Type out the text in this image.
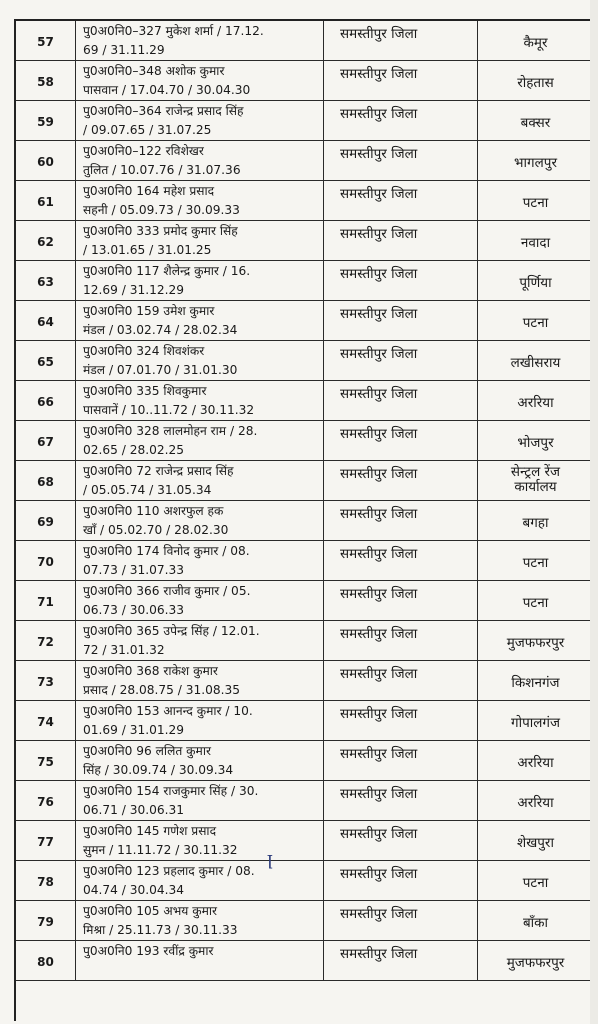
57
पु0अ0नि0–327 मुकेश शर्मा / 17.12.
69 / 31.11.29
समस्तीपुर जिला
कैमूर
58
पु0अ0नि0–348 अशोक कुमार
पासवान / 17.04.70 / 30.04.30
समस्तीपुर जिला
रोहतास
59
पु0अ0नि0–364 राजेन्द्र प्रसाद सिंह
/ 09.07.65 / 31.07.25
समस्तीपुर जिला
बक्सर
60
पु0अ0नि0–122 रविशेखर
तुलित / 10.07.76 / 31.07.36
समस्तीपुर जिला
भागलपुर
61
पु0अ0नि0 164 महेश प्रसाद
सहनी / 05.09.73 / 30.09.33
समस्तीपुर जिला
पटना
62
पु0अ0नि0 333 प्रमोद कुमार सिंह
/ 13.01.65 / 31.01.25
समस्तीपुर जिला
नवादा
63
पु0अ0नि0 117 शैलेन्द्र कुमार / 16.
12.69 / 31.12.29
समस्तीपुर जिला
पूर्णिया
64
पु0अ0नि0 159 उमेश कुमार
मंडल / 03.02.74 / 28.02.34
समस्तीपुर जिला
पटना
65
पु0अ0नि0 324 शिवशंकर
मंडल / 07.01.70 / 31.01.30
समस्तीपुर जिला
लखीसराय
66
पु0अ0नि0 335 शिवकुमार
पासवानें / 10..11.72 / 30.11.32
समस्तीपुर जिला
अररिया
67
पु0अ0नि0 328 लालमोहन राम / 28.
02.65 / 28.02.25
समस्तीपुर जिला
भोजपुर
68
पु0अ0नि0 72 राजेन्द्र प्रसाद सिंह
/ 05.05.74 / 31.05.34
समस्तीपुर जिला	सेन्ट्रल रेंज
कार्यालय
69
पु0अ0नि0 110 अशरफुल हक
खाँ / 05.02.70 / 28.02.30
समस्तीपुर जिला
बगहा
70
पु0अ0नि0 174 विनोद कुमार / 08.
07.73 / 31.07.33
समस्तीपुर जिला
पटना
71
पु0अ0नि0 366 राजीव कुमार / 05.
06.73 / 30.06.33
समस्तीपुर जिला
पटना
72
पु0अ0नि0 365 उपेन्द्र सिंह / 12.01.
72 / 31.01.32
समस्तीपुर जिला
मुजफफरपुर
73
पु0अ0नि0 368 राकेश कुमार
प्रसाद / 28.08.75 / 31.08.35
समस्तीपुर जिला
किशनगंज
74
पु0अ0नि0 153 आनन्द कुमार / 10.
01.69 / 31.01.29
समस्तीपुर जिला
गोपालगंज
75
पु0अ0नि0 96 ललित कुमार
सिंह / 30.09.74 / 30.09.34
समस्तीपुर जिला
अररिया
76
पु0अ0नि0 154 राजकुमार सिंह / 30.
06.71 / 30.06.31
समस्तीपुर जिला
अररिया
77
पु0अ0नि0 145 गणेश प्रसाद
सुमन / 11.11.72 / 30.11.32
समस्तीपुर जिला
शेखपुरा
78
पु0अ0नि0 123 प्रहलाद कुमार / 08.
04.74 / 30.04.34
समस्तीपुर जिला
पटना
79
पु0अ0नि0 105 अभय कुमार
मिश्रा / 25.11.73 / 30.11.33
समस्तीपुर जिला
बाँका
80
पु0अ0नि0 193 रवींद्र कुमार	समस्तीपुर जिला
मुजफफरपुर
ꞁ
